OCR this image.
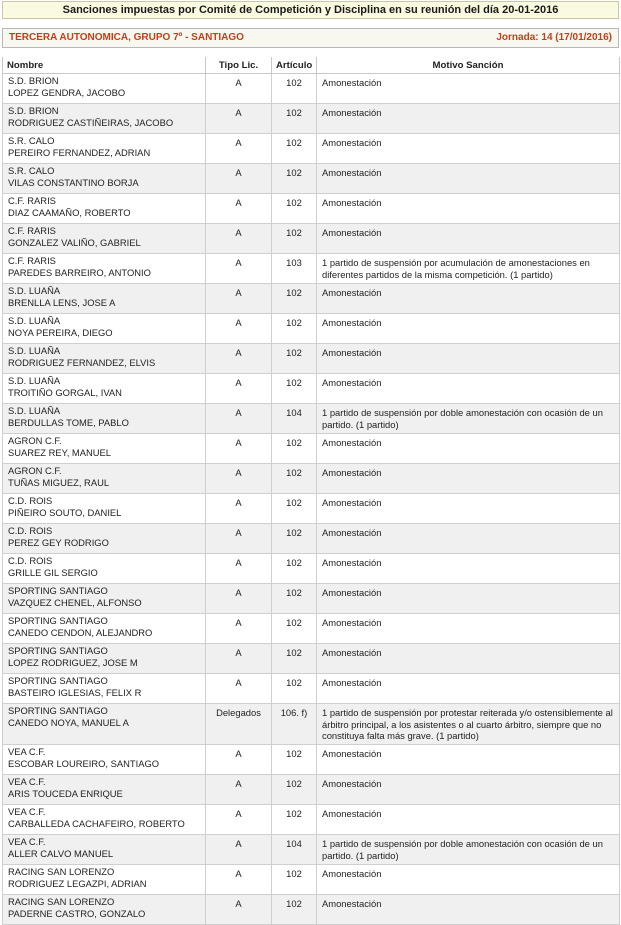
Sanciones impuestas por Comité de Competición y Disciplina en su reunión del día 20-01-2016
TERCERA AUTONOMICA, GRUPO 7º - SANTIAGO	Jornada: 14 (17/01/2016)
Nombre	Tipo Lic.	Artículo	Motivo Sanción

S.D. BRION
LOPEZ GENDRA, JACOBO	A	102	Amonestación

S.D. BRION
RODRIGUEZ CASTIÑEIRAS, JACOBO	A	102	Amonestación

S.R. CALO
PEREIRO FERNANDEZ, ADRIAN	A	102	Amonestación

S.R. CALO
VILAS CONSTANTINO BORJA	A	102	Amonestación

C.F. RARIS
DIAZ CAAMAÑO, ROBERTO	A	102	Amonestación

C.F. RARIS
GONZALEZ VALIÑO, GABRIEL	A	102	Amonestación

C.F. RARIS
PAREDES BARREIRO, ANTONIO	A	103	1 partido de suspensión por acumulación de amonestaciones en diferentes partidos de la misma competición. (1 partido)

S.D. LUAÑA
BRENLLA LENS, JOSE A	A	102	Amonestación

S.D. LUAÑA
NOYA PEREIRA, DIEGO	A	102	Amonestación

S.D. LUAÑA
RODRIGUEZ FERNANDEZ, ELVIS	A	102	Amonestación

S.D. LUAÑA
TROITIÑO GORGAL, IVAN	A	102	Amonestación

S.D. LUAÑA
BERDULLAS TOME, PABLO	A	104	1 partido de suspensión por doble amonestación con ocasión de un partido. (1 partido)

AGRON C.F.
SUAREZ REY, MANUEL	A	102	Amonestación

AGRON C.F.
TUÑAS MIGUEZ, RAUL	A	102	Amonestación

C.D. ROIS
PIÑEIRO SOUTO, DANIEL	A	102	Amonestación

C.D. ROIS
PEREZ GEY RODRIGO	A	102	Amonestación

C.D. ROIS
GRILLE GIL SERGIO	A	102	Amonestación

SPORTING SANTIAGO
VAZQUEZ CHENEL, ALFONSO	A	102	Amonestación

SPORTING SANTIAGO
CANEDO CENDON, ALEJANDRO	A	102	Amonestación

SPORTING SANTIAGO
LOPEZ RODRIGUEZ, JOSE M	A	102	Amonestación

SPORTING SANTIAGO
BASTEIRO IGLESIAS, FELIX R	A	102	Amonestación

SPORTING SANTIAGO
CANEDO NOYA, MANUEL A	Delegados	106. f)	1 partido de suspensión por protestar reiterada y/o ostensiblemente al árbitro principal, a los asistentes o al cuarto árbitro, siempre que no constituya falta más grave. (1 partido)

VEA C.F.
ESCOBAR LOUREIRO, SANTIAGO	A	102	Amonestación

VEA C.F.
ARIS TOUCEDA ENRIQUE	A	102	Amonestación

VEA C.F.
CARBALLEDA CACHAFEIRO, ROBERTO	A	102	Amonestación

VEA C.F.
ALLER CALVO MANUEL	A	104	1 partido de suspensión por doble amonestación con ocasión de un partido. (1 partido)

RACING SAN LORENZO
RODRIGUEZ LEGAZPI, ADRIAN	A	102	Amonestación

RACING SAN LORENZO
PADERNE CASTRO, GONZALO	A	102	Amonestación
